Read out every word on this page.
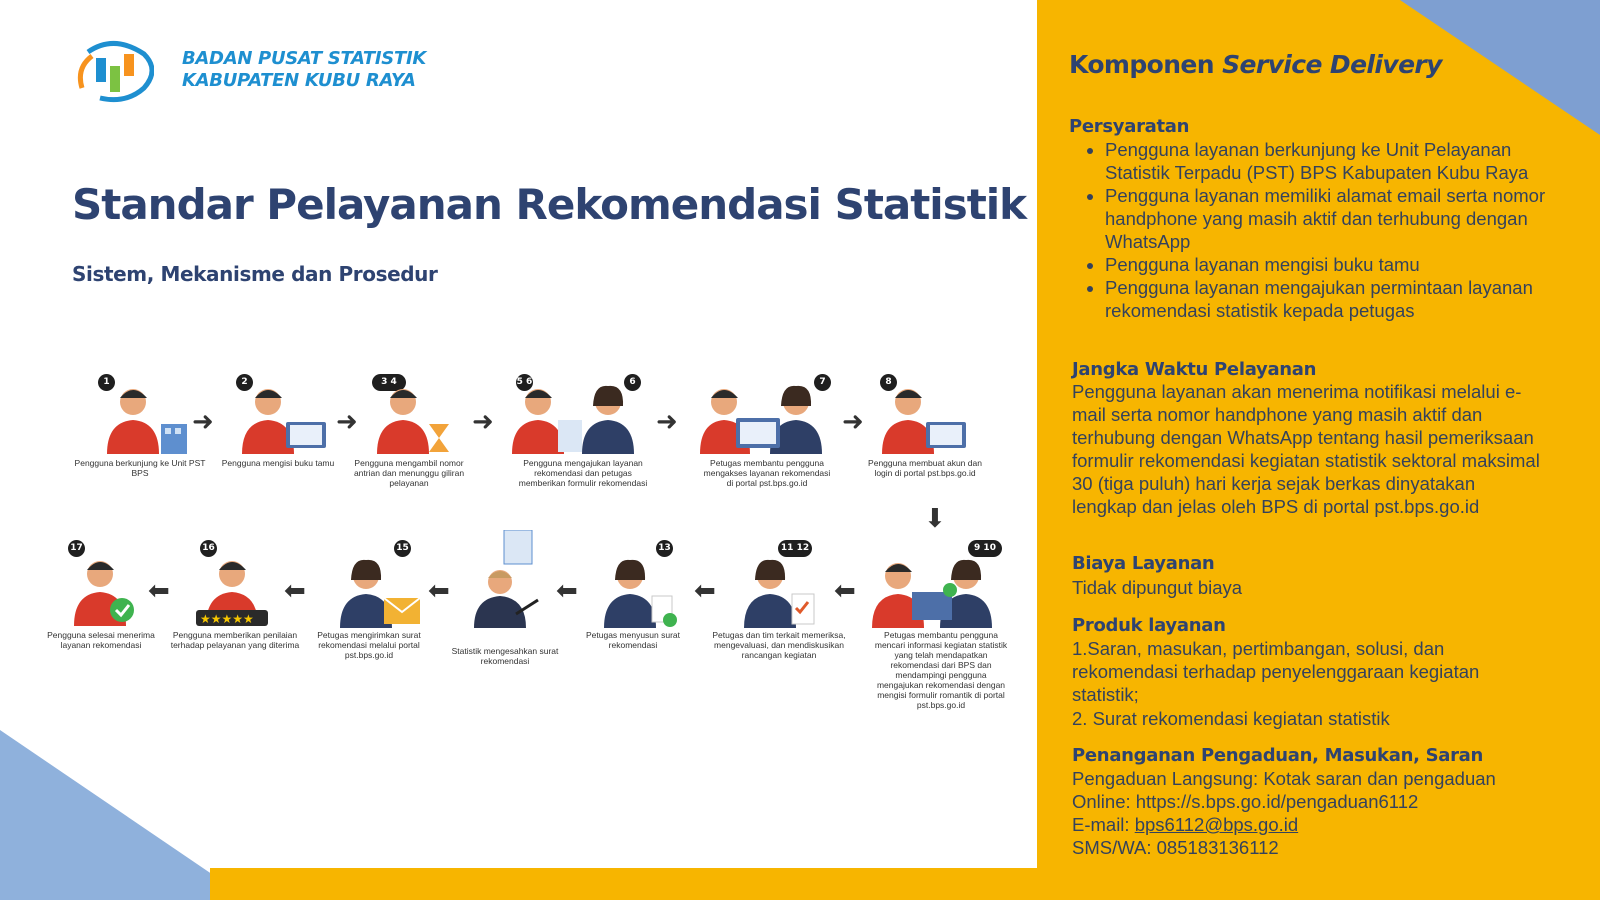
BADAN PUSAT STATISTIK
KABUPATEN KUBU RAYA
Standar Pelayanan Rekomendasi Statistik
Sistem, Mekanisme dan Prosedur
1
Pengguna berkunjung ke Unit PST BPS
➜
2
Pengguna mengisi buku tamu
➜
3 4
Pengguna mengambil nomor antrian dan menunggu giliran pelayanan
➜
5 6	6
Pengguna mengajukan layanan rekomendasi dan petugas memberikan formulir rekomendasi
➜
7
Petugas membantu pengguna mengakses layanan rekomendasi di portal pst.bps.go.id
➜
8
Pengguna membuat akun dan login di portal pst.bps.go.id
⬇
9 10
Petugas membantu pengguna mencari informasi kegiatan statistik yang telah mendapatkan rekomendasi dari BPS dan mendampingi pengguna mengajukan rekomendasi dengan mengisi formulir romantik di portal pst.bps.go.id
⬅
11 12
Petugas dan tim terkait memeriksa, mengevaluasi, dan mendiskusikan rancangan kegiatan
⬅
13
Petugas menyusun surat rekomendasi
⬅
Statistik mengesahkan surat rekomendasi
⬅
15
Petugas mengirimkan surat rekomendasi melalui portal pst.bps.go.id
⬅
16
★★★★★
Pengguna memberikan penilaian terhadap pelayanan yang diterima
⬅
17
Pengguna selesai menerima layanan rekomendasi
Komponen Service Delivery
Persyaratan
• Pengguna layanan berkunjung ke Unit Pelayanan Statistik Terpadu (PST) BPS Kabupaten Kubu Raya
• Pengguna layanan memiliki alamat email serta nomor handphone yang masih aktif dan terhubung dengan WhatsApp
• Pengguna layanan mengisi buku tamu
• Pengguna layanan mengajukan permintaan layanan rekomendasi statistik kepada petugas
Jangka Waktu Pelayanan

Pengguna layanan akan menerima notifikasi melalui e-mail serta nomor handphone yang masih aktif dan terhubung dengan WhatsApp tentang hasil pemeriksaan formulir rekomendasi kegiatan statistik sektoral maksimal 30 (tiga puluh) hari kerja sejak berkas dinyatakan lengkap dan jelas oleh BPS di portal pst.bps.go.id

Biaya Layanan

Tidak dipungut biaya

Produk layanan

1.Saran, masukan, pertimbangan, solusi, dan rekomendasi terhadap penyelenggaraan kegiatan statistik;

2. Surat rekomendasi kegiatan statistik

Penanganan Pengaduan, Masukan, Saran

Pengaduan Langsung: Kotak saran dan pengaduan

Online: https://s.bps.go.id/pengaduan6112

E-mail: bps6112@bps.go.id

SMS/WA: 085183136112
